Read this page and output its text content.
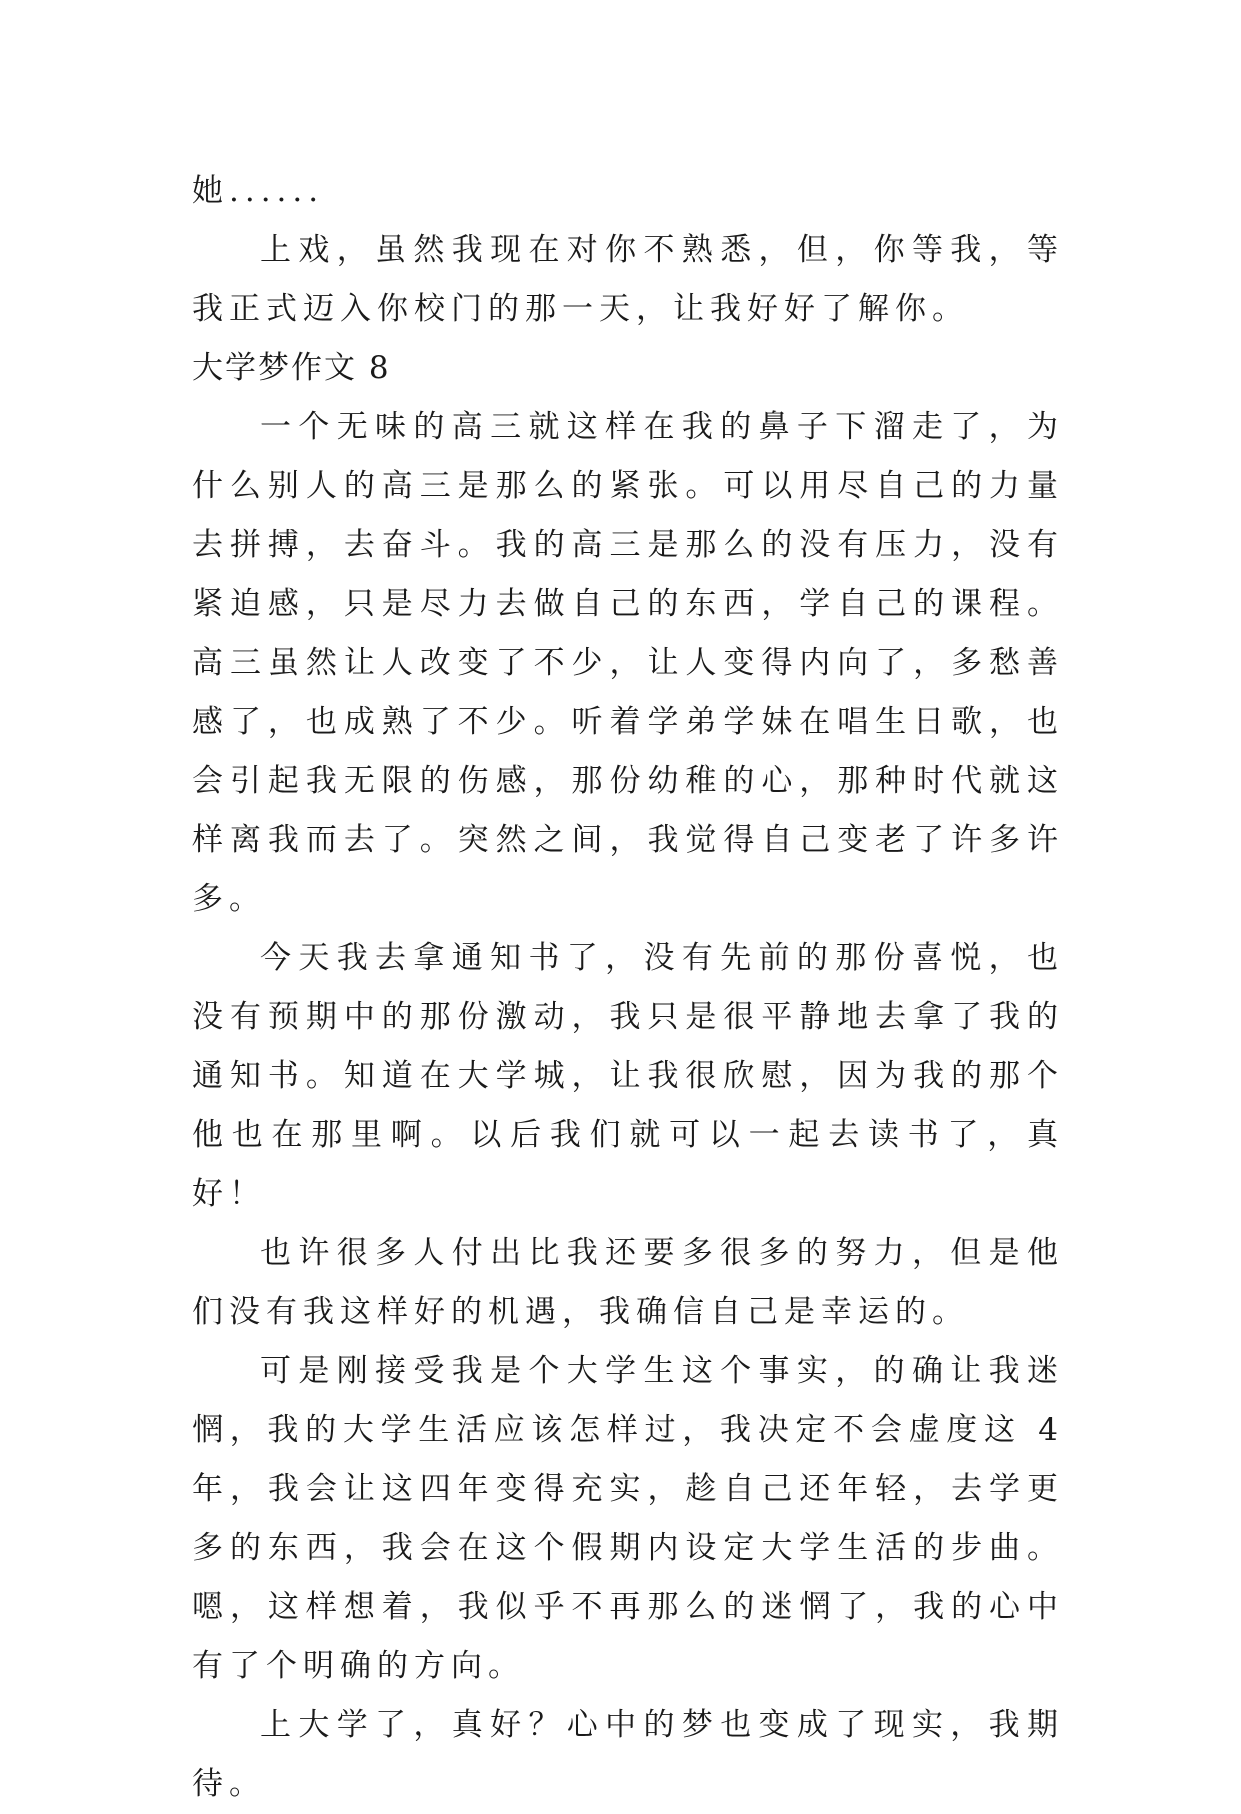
她......

上戏，虽然我现在对你不熟悉，但，你等我，等我正式迈入你校门的那一天，让我好好了解你。

大学梦作文 8

一个无味的高三就这样在我的鼻子下溜走了，为什么别人的高三是那么的紧张。可以用尽自己的力量去拼搏，去奋斗。我的高三是那么的没有压力，没有紧迫感，只是尽力去做自己的东西，学自己的课程。高三虽然让人改变了不少，让人变得内向了，多愁善感了，也成熟了不少。听着学弟学妹在唱生日歌，也会引起我无限的伤感，那份幼稚的心，那种时代就这样离我而去了。突然之间，我觉得自己变老了许多许多。

今天我去拿通知书了，没有先前的那份喜悦，也没有预期中的那份激动，我只是很平静地去拿了我的通知书。知道在大学城，让我很欣慰，因为我的那个他也在那里啊。以后我们就可以一起去读书了，真好！

也许很多人付出比我还要多很多的努力，但是他们没有我这样好的机遇，我确信自己是幸运的。

可是刚接受我是个大学生这个事实，的确让我迷惘，我的大学生活应该怎样过，我决定不会虚度这 4 年，我会让这四年变得充实，趁自己还年轻，去学更多的东西，我会在这个假期内设定大学生活的步曲。嗯，这样想着，我似乎不再那么的迷惘了，我的心中有了个明确的方向。

上大学了，真好？心中的梦也变成了现实，我期待。
